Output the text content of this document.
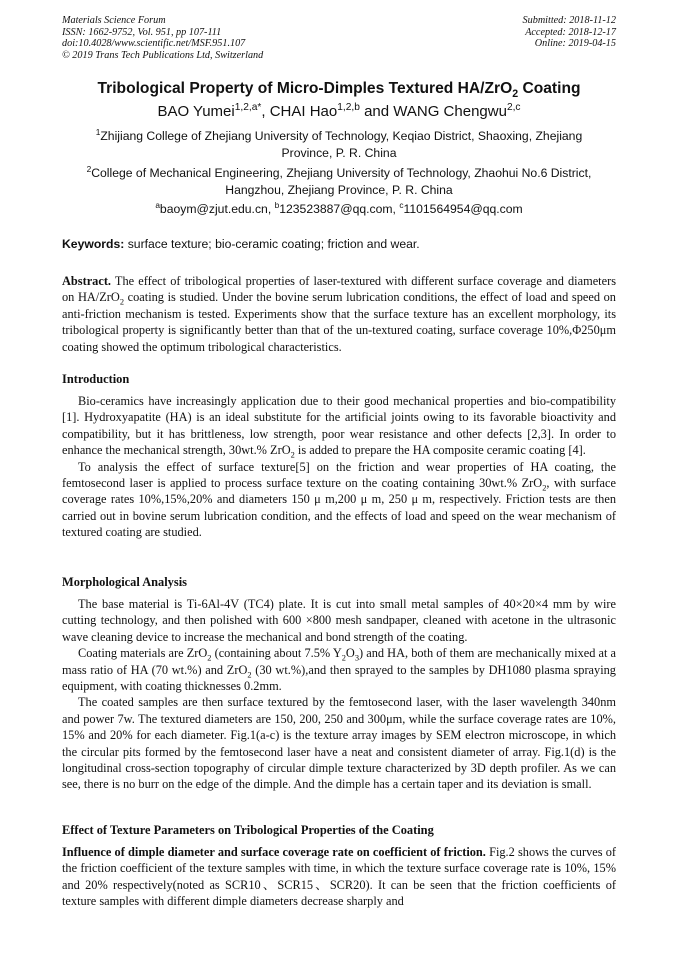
Materials Science Forum
ISSN: 1662-9752, Vol. 951, pp 107-111
doi:10.4028/www.scientific.net/MSF.951.107
© 2019 Trans Tech Publications Ltd, Switzerland
Submitted: 2018-11-12
Accepted: 2018-12-17
Online: 2019-04-15
Tribological Property of Micro-Dimples Textured HA/ZrO$_2$ Coating
BAO Yumei$^{1,2,a*}$, CHAI Hao$^{1,2,b}$ and WANG Chengwu$^{2,c}$
$^1$Zhijiang College of Zhejiang University of Technology, Keqiao District, Shaoxing, Zhejiang Province, P. R. China
$^2$College of Mechanical Engineering, Zhejiang University of Technology, Zhaohui No.6 District, Hangzhou, Zhejiang Province, P. R. China
$^a$baoym@zjut.edu.cn, $^b$123523887@qq.com, $^c$1101564954@qq.com
Keywords: surface texture; bio-ceramic coating; friction and wear.

Abstract. The effect of tribological properties of laser-textured with different surface coverage and diameters on HA/ZrO$_2$ coating is studied. Under the bovine serum lubrication conditions, the effect of load and speed on anti-friction mechanism is tested. Experiments show that the surface texture has an excellent morphology, its tribological property is significantly better than that of the un-textured coating, surface coverage 10%,Φ250μm coating showed the optimum tribological characteristics.

Introduction

Bio-ceramics have increasingly application due to their good mechanical properties and bio-compatibility [1]. Hydroxyapatite (HA) is an ideal substitute for the artificial joints owing to its favorable bioactivity and compatibility, but it has brittleness, low strength, poor wear resistance and other defects [2,3]. In order to enhance the mechanical strength, 30wt.% ZrO$_2$ is added to prepare the HA composite ceramic coating [4].

To analysis the effect of surface texture[5] on the friction and wear properties of HA coating, the femtosecond laser is applied to process surface texture on the coating containing 30wt.% ZrO$_2$, with surface coverage rates 10%,15%,20% and diameters 150 μ m,200 μ m, 250 μ m, respectively. Friction tests are then carried out in bovine serum lubrication condition, and the effects of load and speed on the wear mechanism of textured coating are studied.

Morphological Analysis

The base material is Ti-6Al-4V (TC4) plate. It is cut into small metal samples of 40×20×4 mm by wire cutting technology, and then polished with 600 ×800 mesh sandpaper, cleaned with acetone in the ultrasonic wave cleaning device to increase the mechanical and bond strength of the coating.

Coating materials are ZrO$_2$ (containing about 7.5% $Y_2O_3$) and HA, both of them are mechanically mixed at a mass ratio of HA (70 wt.%) and ZrO$_2$ (30 wt.%),and then sprayed to the samples by DH1080 plasma spraying equipment, with coating thicknesses 0.2mm.

The coated samples are then surface textured by the femtosecond laser, with the laser wavelength 340nm and power 7w. The textured diameters are 150, 200, 250 and 300μm, while the surface coverage rates are 10%, 15% and 20% for each diameter. Fig.1(a-c) is the texture array images by SEM electron microscope, in which the circular pits formed by the femtosecond laser have a neat and consistent diameter of array. Fig.1(d) is the longitudinal cross-section topography of circular dimple texture characterized by 3D depth profiler. As we can see, there is no burr on the edge of the dimple. And the dimple has a certain taper and its deviation is small.

Effect of Texture Parameters on Tribological Properties of the Coating

Influence of dimple diameter and surface coverage rate on coefficient of friction. Fig.2 shows the curves of the friction coefficient of the texture samples with time, in which the texture surface coverage rate is 10%, 15% and 20% respectively(noted as SCR10、SCR15、SCR20). It can be seen that the friction coefficients of texture samples with different dimple diameters decrease sharply and
